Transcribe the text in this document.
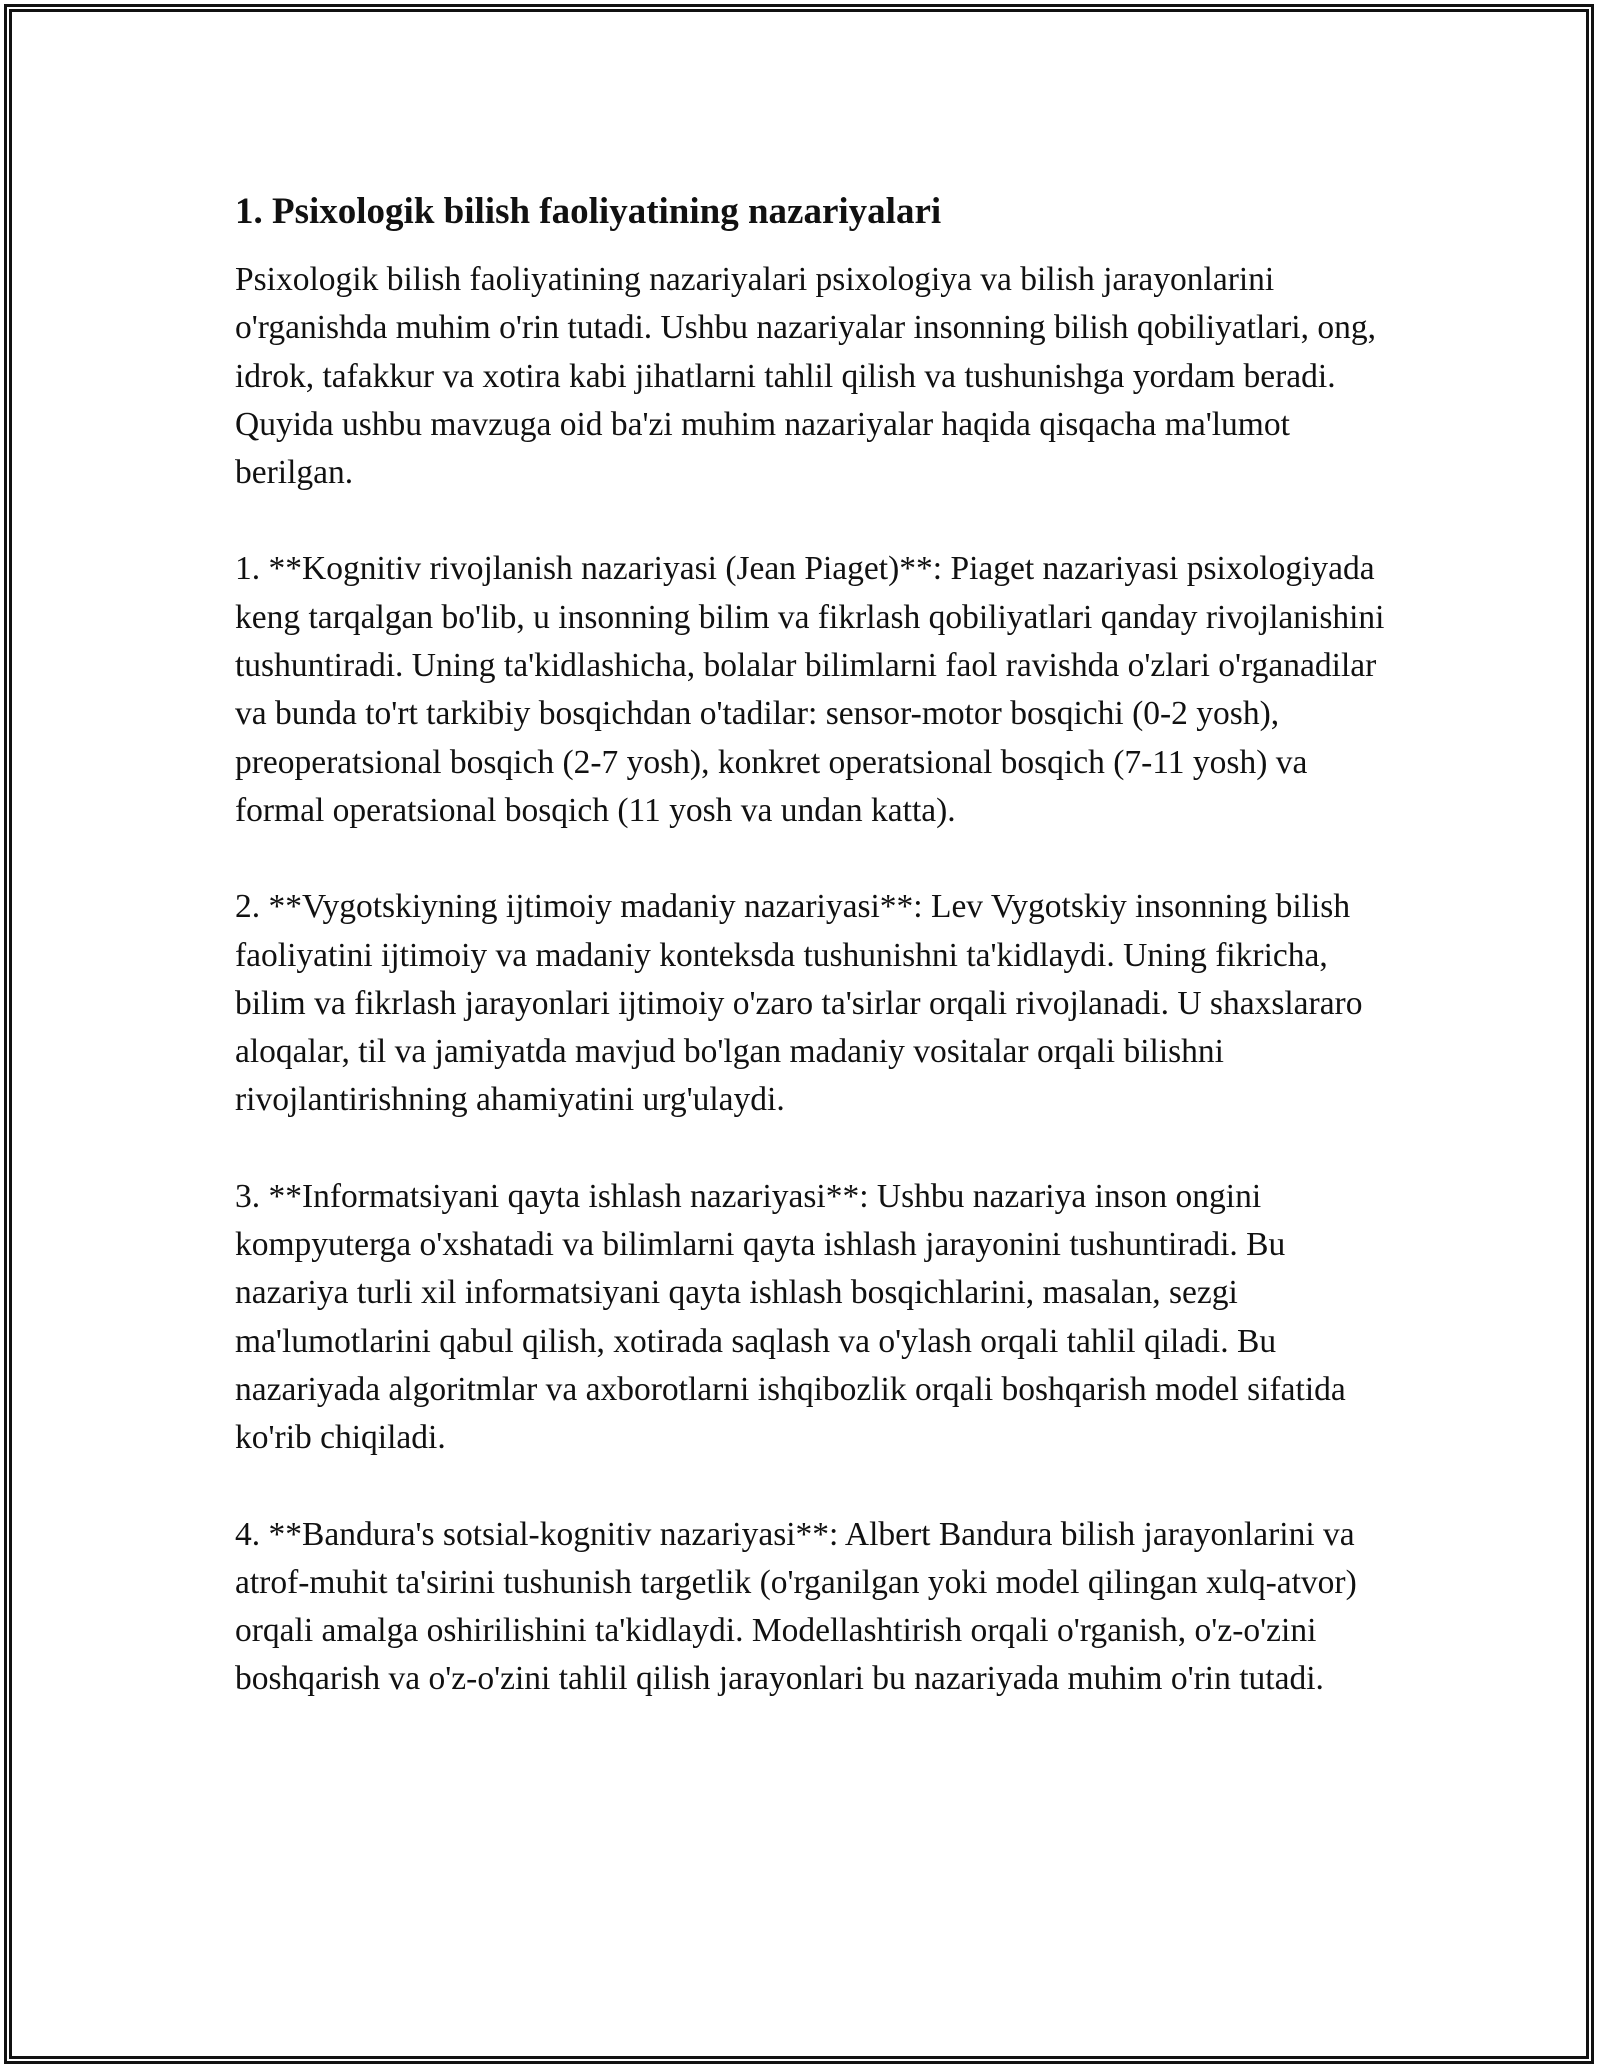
1. Psixologik bilish faoliyatining nazariyalari

Psixologik bilish faoliyatining nazariyalari psixologiya va bilish jarayonlarini o'rganishda muhim o'rin tutadi. Ushbu nazariyalar insonning bilish qobiliyatlari, ong, idrok, tafakkur va xotira kabi jihatlarni tahlil qilish va tushunishga yordam beradi. Quyida ushbu mavzuga oid ba'zi muhim nazariyalar haqida qisqacha ma'lumot berilgan.

1. **Kognitiv rivojlanish nazariyasi (Jean Piaget)**: Piaget nazariyasi psixologiyada keng tarqalgan bo'lib, u insonning bilim va fikrlash qobiliyatlari qanday rivojlanishini tushuntiradi. Uning ta'kidlashicha, bolalar bilimlarni faol ravishda o'zlari o'rganadilar va bunda to'rt tarkibiy bosqichdan o'tadilar: sensor-motor bosqichi (0-2 yosh), preoperatsional bosqich (2-7 yosh), konkret operatsional bosqich (7-11 yosh) va formal operatsional bosqich (11 yosh va undan katta).

2. **Vygotskiyning ijtimoiy madaniy nazariyasi**: Lev Vygotskiy insonning bilish faoliyatini ijtimoiy va madaniy konteksda tushunishni ta'kidlaydi. Uning fikricha, bilim va fikrlash jarayonlari ijtimoiy o'zaro ta'sirlar orqali rivojlanadi. U shaxslararo aloqalar, til va jamiyatda mavjud bo'lgan madaniy vositalar orqali bilishni rivojlantirishning ahamiyatini urg'ulaydi.

3. **Informatsiyani qayta ishlash nazariyasi**: Ushbu nazariya inson ongini kompyuterga o'xshatadi va bilimlarni qayta ishlash jarayonini tushuntiradi. Bu nazariya turli xil informatsiyani qayta ishlash bosqichlarini, masalan, sezgi ma'lumotlarini qabul qilish, xotirada saqlash va o'ylash orqali tahlil qiladi. Bu nazariyada algoritmlar va axborotlarni ishqibozlik orqali boshqarish model sifatida ko'rib chiqiladi.

4. **Bandura's sotsial-kognitiv nazariyasi**: Albert Bandura bilish jarayonlarini va atrof-muhit ta'sirini tushunish targetlik (o'rganilgan yoki model qilingan xulq-atvor) orqali amalga oshirilishini ta'kidlaydi. Modellashtirish orqali o'rganish, o'z-o'zini boshqarish va o'z-o'zini tahlil qilish jarayonlari bu nazariyada muhim o'rin tutadi.
